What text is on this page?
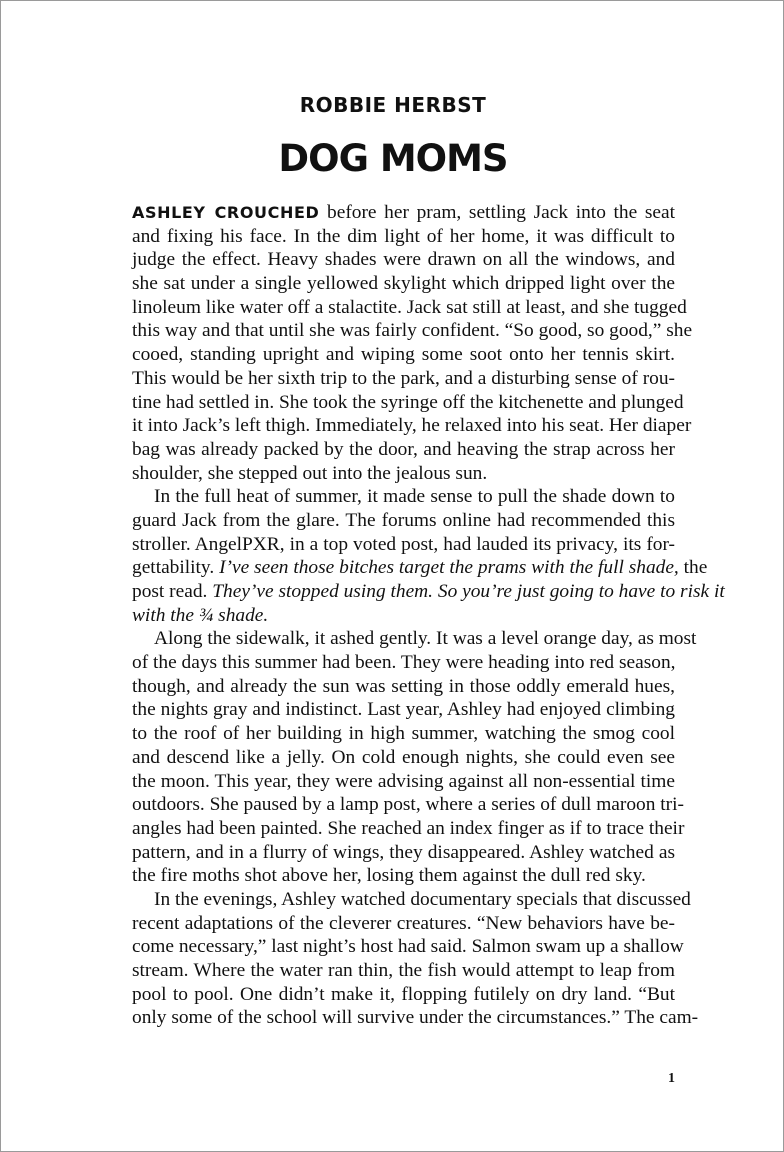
ROBBIE HERBST
DOG MOMS
ASHLEY CROUCHED before her pram, settling Jack into the seat
and fixing his face. In the dim light of her home, it was difficult to
judge the effect. Heavy shades were drawn on all the windows, and
she sat under a single yellowed skylight which dripped light over the
linoleum like water off a stalactite. Jack sat still at least, and she tugged
this way and that until she was fairly confident. “So good, so good,” she
cooed, standing upright and wiping some soot onto her tennis skirt.
This would be her sixth trip to the park, and a disturbing sense of rou-
tine had settled in. She took the syringe off the kitchenette and plunged
it into Jack’s left thigh. Immediately, he relaxed into his seat. Her diaper
bag was already packed by the door, and heaving the strap across her
shoulder, she stepped out into the jealous sun.
In the full heat of summer, it made sense to pull the shade down to
guard Jack from the glare. The forums online had recommended this
stroller. AngelPXR, in a top voted post, had lauded its privacy, its for-
gettability. I’ve seen those bitches target the prams with the full shade, the
post read. They’ve stopped using them. So you’re just going to have to risk it
with the ¾ shade.
Along the sidewalk, it ashed gently. It was a level orange day, as most
of the days this summer had been. They were heading into red season,
though, and already the sun was setting in those oddly emerald hues,
the nights gray and indistinct. Last year, Ashley had enjoyed climbing
to the roof of her building in high summer, watching the smog cool
and descend like a jelly. On cold enough nights, she could even see
the moon. This year, they were advising against all non-essential time
outdoors. She paused by a lamp post, where a series of dull maroon tri-
angles had been painted. She reached an index finger as if to trace their
pattern, and in a flurry of wings, they disappeared. Ashley watched as
the fire moths shot above her, losing them against the dull red sky.
In the evenings, Ashley watched documentary specials that discussed
recent adaptations of the cleverer creatures. “New behaviors have be-
come necessary,” last night’s host had said. Salmon swam up a shallow
stream. Where the water ran thin, the fish would attempt to leap from
pool to pool. One didn’t make it, flopping futilely on dry land. “But
only some of the school will survive under the circumstances.” The cam-
1
